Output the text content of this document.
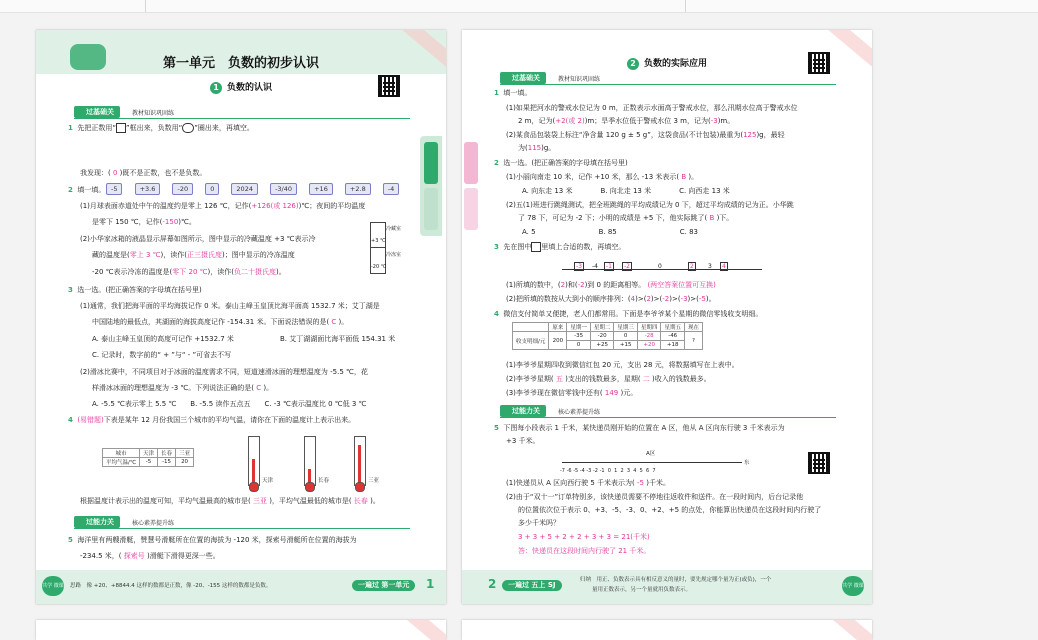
第一单元　负数的初步认识
1 负数的认识
过基础关	教材知识巩固练
1 先把正数用“ ”框出来，负数用“ ”圈出来，再填空。
-5	+3.6	-20	0	2024	-3/40	+16	+2.8	-4
我发现：( 0 )既不是正数，也不是负数。
2 填一填。
(1)月球表面赤道处中午的温度约是零上 126 ℃，记作(+126(或 126))℃；夜间的平均温度
是零下 150 ℃，记作(-150)℃。
(2)小华家冰箱的液晶显示屏幕如图所示，图中显示的冷藏温度 +3 ℃表示冷
藏的温度是(零上 3 ℃)，读作(正三摄氏度)；图中显示的冷冻温度
-20 ℃表示冷冻的温度是(零下 20 ℃)，读作(负二十摄氏度)。
冷藏室
+3 ℃
冷冻室
-20 ℃
3 选一选。(把正确答案的字母填在括号里)
(1)通常，我们把海平面的平均海拔记作 0 米。泰山主峰玉皇顶比海平面高 1532.7 米；艾丁湖是
中国陆地的最低点，其湖面的海拔高度记作 -154.31 米。下面说法错误的是( C )。
A. 泰山主峰玉皇顶的高度可记作 +1532.7 米	B. 艾丁湖湖面比海平面低 154.31 米
C. 记录时，数字前的“ + ”与“ - ”可省去不写
(2)滑冰比赛中，不同项目对于冰面的温度需求不同，短道速滑冰面的理想温度为 -5.5 ℃，花
样滑冰冰面的理想温度为 -3 ℃。下列说法正确的是( C )。
A. -5.5 ℃表示零上 5.5 ℃　　B. -5.5 读作五点五　　C. -3 ℃表示温度比 0 ℃低 3 ℃
4 (易错题)下表是某年 12 月份我国三个城市的平均气温，请你在下面的温度计上表示出来。
城市	天津	长春	三亚
平均气温/℃	-5	-15	20
天津	长春	三亚
根据温度计表示出的温度可知，平均气温最高的城市是( 三亚 )，平均气温最低的城市是( 长春 )。
过能力关	核心素养提升练
5 海洋里有两艘滑艇，赞慧号滑艇所在位置的海拔为 -120 米，探索号滑艇所在位置的海拔为
-234.5 米，( 探索号 )滑艇下滑得更深一些。
共学 微课 思路　像 +20、+8844.4 这样的数都是正数，像 -20、-155 这样的数都是负数。	一遍过 第一单元	1
2 负数的实际应用
过基础关	教材知识巩固练
1 填一填。
(1)如果把河水的警戒水位记为 0 m，正数表示水面高于警戒水位，那么汛期水位高于警戒水位
2 m，记为(+2(或 2))m；旱季水位低于警戒水位 3 m，记为(-3)m。
(2)某食品包装袋上标注“净含量 120 g ± 5 g”，这袋食品(不计包装)最重为(125)g，最轻
为(115)g。
2 选一选。(把正确答案的字母填在括号里)
(1)小丽向南走 10 米，记作 +10 米，那么 -13 米表示( B )。
A. 向东走 13 米　　　　B. 向北走 13 米　　　　C. 向西走 13 米
(2)五(1)班进行跳绳测试，把全班跳绳的平均成绩记为 0 下，超过平均成绩的记为正。小华跳
了 78 下，可记为 -2 下；小明的成绩是 +5 下，他实际跳了( B )下。
A. 5　　　　　　　　　B. 85　　　　　　　　　C. 83
3 先在图中 里填上合适的数，再填空。
-3	-4	-1	-2	0	2	3	4
(1)所填的数中，(2)和(-2)到 0 的距离相等。 (两空答案位置可互换)
(2)把所填的数按从大到小的顺序排列：(4)>(2)>(-2)>(-3)>(-5)。
4 微信支付简单又便捷，老人们都常用。下面是李爷爷某个星期的微信零钱收支明细。
	原来	星期一	星期二	星期三	星期四	星期五	现在
收支明细/元	200	-35	-20	0	-28	-46	?
		0	+25	+15	+20	+18	
(1)李爷爷星期四收到微信红包 20 元，支出 28 元，将数据填写在上表中。
(2)李爷爷星期( 五 )支出的钱数最多，星期( 二 )收入的钱数最多。
(3)李爷爷现在微信零钱中还有( 149 )元。
过能力关	核心素养提升练
5 下图每小段表示 1 千米，某快递员刚开始的位置在 A 区，他从 A 区向东行驶 3 千米表示为
+3 千米。
A区
东
-7 -6 -5 -4 -3 -2 -1 0 1 2 3 4 5 6 7
(1)快递员从 A 区向西行驶 5 千米表示为( -5 )千米。
(2)由于“双十一”订单特别多，该快递员需要不停地往返收件和送件。在一段时间内，后台记录他
的位置依次位于表示 0、+3、-5、-3、0、+2、+5 的点处，你能算出快递员在这段时间内行驶了
多少千米吗？
3 + 3 + 5 + 2 + 2 + 3 + 3 = 21(千米)
答：快递员在这段时间内行驶了 21 千米。
2	一遍过 五上 SJ
归纳　用正、负数表示具有相反意义的量时，要先规定哪个量为正(或负)，一个
量用正数表示，另一个量就用负数表示。
共学 微课
